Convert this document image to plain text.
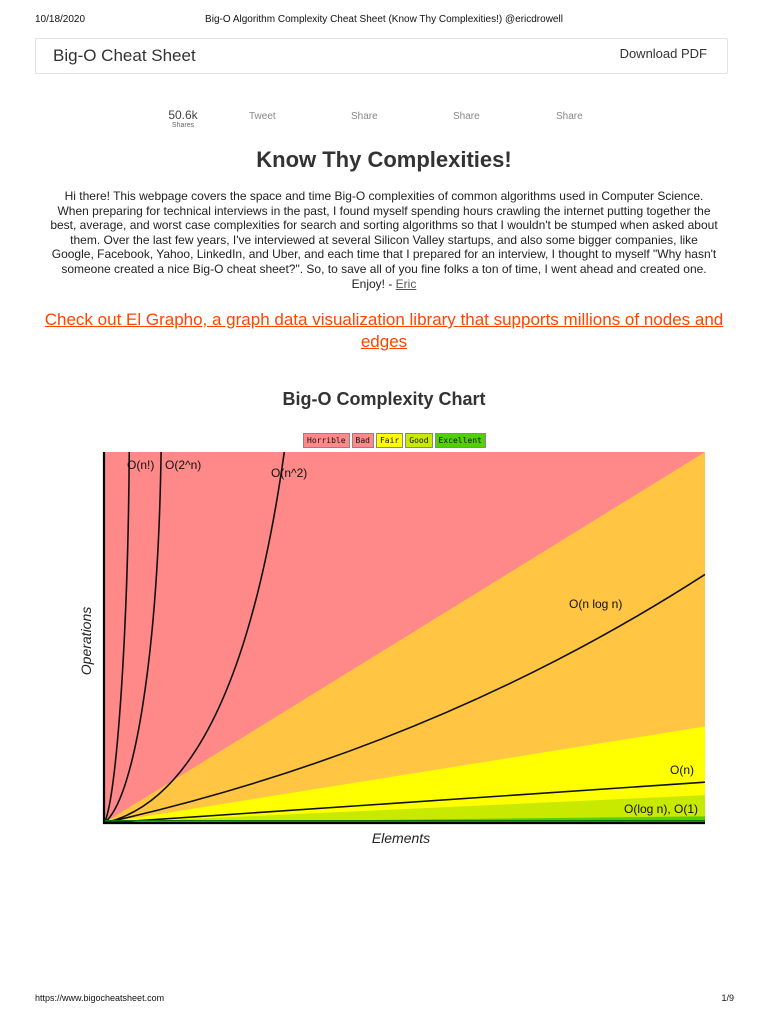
10/18/2020	Big-O Algorithm Complexity Cheat Sheet (Know Thy Complexities!) @ericdrowell
Big-O Cheat Sheet	Download PDF
50.6k
Shares
Tweet	Share	Share	Share
Know Thy Complexities!
Hi there! This webpage covers the space and time Big-O complexities of common algorithms used in Computer Science. When preparing for technical interviews in the past, I found myself spending hours crawling the internet putting together the best, average, and worst case complexities for search and sorting algorithms so that I wouldn't be stumped when asked about them. Over the last few years, I've interviewed at several Silicon Valley startups, and also some bigger companies, like Google, Facebook, Yahoo, LinkedIn, and Uber, and each time that I prepared for an interview, I thought to myself "Why hasn't someone created a nice Big-O cheat sheet?". So, to save all of you fine folks a ton of time, I went ahead and created one. Enjoy! - Eric
Check out El Grapho, a graph data visualization library that supports millions of nodes and edges
Big-O Complexity Chart
Horrible Bad Fair Good Excellent
O(n!) O(2^n)
O(n^2)
O(n log n)
O(n)
O(log n), O(1)
Elements
Operations
https://www.bigocheatsheet.com	1/9
